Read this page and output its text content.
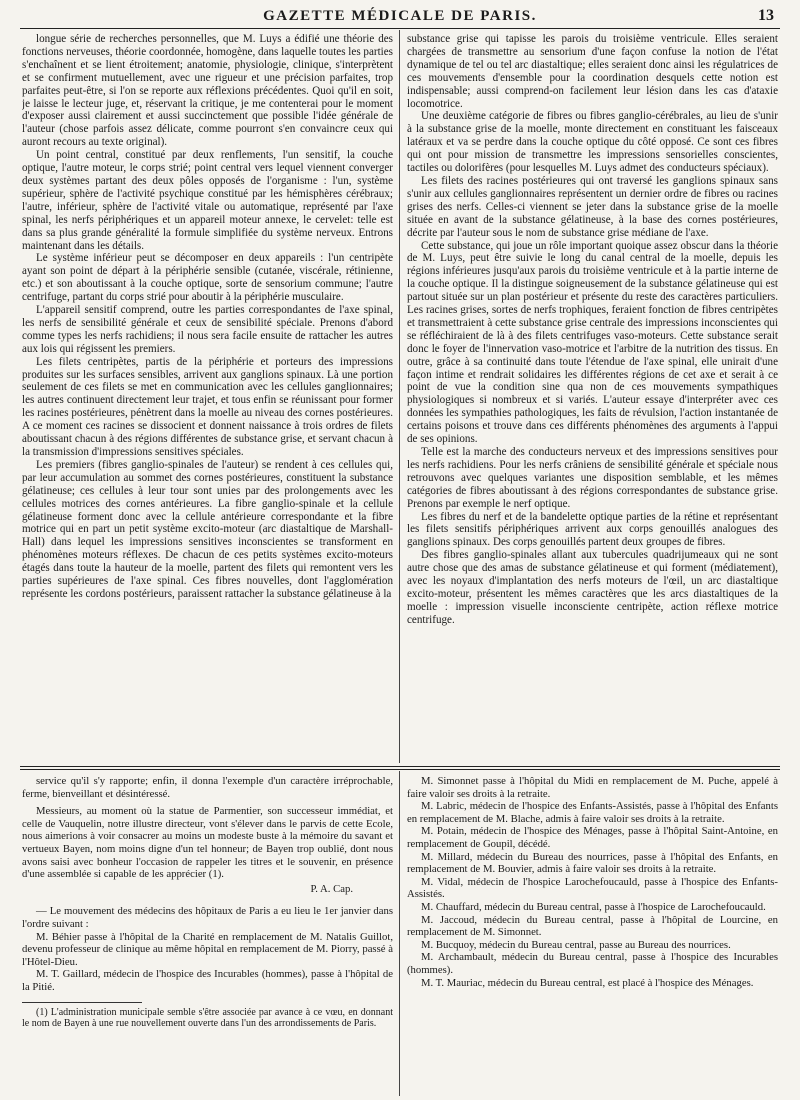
GAZETTE MÉDICALE DE PARIS.	13

longue série de recherches personnelles, que M. Luys a édifié une théorie des fonctions nerveuses, théorie coordonnée, homogène, dans laquelle toutes les parties s'enchaînent et se lient étroitement; anatomie, physiologie, clinique, s'interprètent et se confirment mutuellement, avec une rigueur et une précision parfaites, trop parfaites peut-être, si l'on se reporte aux réflexions précédentes. Quoi qu'il en soit, je laisse le lecteur juge, et, réservant la critique, je me contenterai pour le moment d'exposer aussi clairement et aussi succinctement que possible l'idée générale de l'auteur (chose parfois assez délicate, comme pourront s'en convaincre ceux qui auront recours au texte original).

Un point central, constitué par deux renflements, l'un sensitif, la couche optique, l'autre moteur, le corps strié; point central vers lequel viennent converger deux systèmes partant des deux pôles opposés de l'organisme : l'un, système supérieur, sphère de l'activité psychique constitué par les hémisphères cérébraux; l'autre, inférieur, sphère de l'activité vitale ou automatique, représenté par l'axe spinal, les nerfs périphériques et un appareil moteur annexe, le cervelet: telle est dans sa plus grande généralité la formule simplifiée du système nerveux. Entrons maintenant dans les détails.

Le système inférieur peut se décomposer en deux appareils : l'un centripète ayant son point de départ à la périphérie sensible (cutanée, viscérale, rétinienne, etc.) et son aboutissant à la couche optique, sorte de sensorium commune; l'autre centrifuge, partant du corps strié pour aboutir à la périphérie musculaire.

L'appareil sensitif comprend, outre les parties correspondantes de l'axe spinal, les nerfs de sensibilité générale et ceux de sensibilité spéciale. Prenons d'abord comme types les nerfs rachidiens; il nous sera facile ensuite de rattacher les autres aux lois qui régissent les premiers.

Les filets centripètes, partis de la périphérie et porteurs des impressions produites sur les surfaces sensibles, arrivent aux ganglions spinaux. Là une portion seulement de ces filets se met en communication avec les cellules ganglionnaires; les autres continuent directement leur trajet, et tous enfin se réunissant pour former les racines postérieures, pénètrent dans la moelle au niveau des cornes postérieures. A ce moment ces racines se dissocient et donnent naissance à trois ordres de filets aboutissant chacun à des régions différentes de substance grise, et servant chacun à la transmission d'impressions sensitives spéciales.

Les premiers (fibres ganglio-spinales de l'auteur) se rendent à ces cellules qui, par leur accumulation au sommet des cornes postérieures, constituent la substance gélatineuse; ces cellules à leur tour sont unies par des prolongements avec les cellules motrices des cornes antérieures. La fibre ganglio-spinale et la cellule gélatineuse forment donc avec la cellule antérieure correspondante et la fibre motrice qui en part un petit système excito-moteur (arc diastaltique de Marshall-Hall) dans lequel les impressions sensitives inconscientes se transforment en phénomènes moteurs réflexes. De chacun de ces petits systèmes excito-moteurs étagés dans toute la hauteur de la moelle, partent des filets qui remontent vers les parties supérieures de l'axe spinal. Ces fibres nouvelles, dont l'agglomération représente les cordons postérieurs, paraissent rattacher la substance gélatineuse à la

substance grise qui tapisse les parois du troisième ventricule. Elles seraient chargées de transmettre au sensorium d'une façon confuse la notion de l'état dynamique de tel ou tel arc diastaltique; elles seraient donc ainsi les régulatrices de ces mouvements d'ensemble pour la coordination desquels cette notion est indispensable; aussi comprend-on facilement leur lésion dans les cas d'ataxie locomotrice.

Une deuxième catégorie de fibres ou fibres ganglio-cérébrales, au lieu de s'unir à la substance grise de la moelle, monte directement en constituant les faisceaux latéraux et va se perdre dans la couche optique du côté opposé. Ce sont ces fibres qui ont pour mission de transmettre les impressions sensorielles conscientes, tactiles ou dolorifères (pour lesquelles M. Luys admet des conducteurs spéciaux).

Les filets des racines postérieures qui ont traversé les ganglions spinaux sans s'unir aux cellules ganglionnaires représentent un dernier ordre de fibres ou racines grises des nerfs. Celles-ci viennent se jeter dans la substance grise de la moelle située en avant de la substance gélatineuse, à la base des cornes postérieures, décrite par l'auteur sous le nom de substance grise médiane de l'axe.

Cette substance, qui joue un rôle important quoique assez obscur dans la théorie de M. Luys, peut être suivie le long du canal central de la moelle, depuis les régions inférieures jusqu'aux parois du troisième ventricule et à la partie interne de la couche optique. Il la distingue soigneusement de la substance gélatineuse qui est partout située sur un plan postérieur et présente du reste des caractères particuliers. Les racines grises, sortes de nerfs trophiques, feraient fonction de fibres centripètes et transmettraient à cette substance grise centrale des impressions inconscientes qui se réfléchiraient de là à des filets centrifuges vaso-moteurs. Cette substance serait donc le foyer de l'innervation vaso-motrice et l'arbitre de la nutrition des tissus. En outre, grâce à sa continuité dans toute l'étendue de l'axe spinal, elle unirait d'une façon intime et rendrait solidaires les différentes régions de cet axe et serait à ce point de vue la condition sine qua non de ces mouvements sympathiques physiologiques si nombreux et si variés. L'auteur essaye d'interpréter avec ces données les sympathies pathologiques, les faits de révulsion, l'action instantanée de certains poisons et trouve dans ces différents phénomènes des arguments à l'appui de ses opinions.

Telle est la marche des conducteurs nerveux et des impressions sensitives pour les nerfs rachidiens. Pour les nerfs crâniens de sensibilité générale et spéciale nous retrouvons avec quelques variantes une disposition semblable, et les mêmes catégories de fibres aboutissant à des régions correspondantes de substance grise. Prenons par exemple le nerf optique.

Les fibres du nerf et de la bandelette optique parties de la rétine et représentant les filets sensitifs périphériques arrivent aux corps genouillés analogues des ganglions spinaux. Des corps genouillés partent deux groupes de fibres.

Des fibres ganglio-spinales allant aux tubercules quadrijumeaux qui ne sont autre chose que des amas de substance gélatineuse et qui forment (médiatement), avec les noyaux d'implantation des nerfs moteurs de l'œil, un arc diastaltique excito-moteur, présentent les mêmes caractères que les arcs diastaltiques de la moelle : impression visuelle inconsciente centripète, action réflexe motrice centrifuge.

service qu'il s'y rapporte; enfin, il donna l'exemple d'un caractère irréprochable, ferme, bienveillant et désintéressé.

Messieurs, au moment où la statue de Parmentier, son successeur immédiat, et celle de Vauquelin, notre illustre directeur, vont s'élever dans le parvis de cette Ecole, nous aimerions à voir consacrer au moins un modeste buste à la mémoire du savant et vertueux Bayen, nom moins digne d'un tel honneur; de Bayen trop oublié, dont nous avons saisi avec bonheur l'occasion de rappeler les titres et le souvenir, en présence d'une assemblée si capable de les apprécier (1).

P. A. Cap.

— Le mouvement des médecins des hôpitaux de Paris a eu lieu le 1er janvier dans l'ordre suivant :

M. Béhier passe à l'hôpital de la Charité en remplacement de M. Natalis Guillot, devenu professeur de clinique au même hôpital en remplacement de M. Piorry, passé à l'Hôtel-Dieu.

M. T. Gaillard, médecin de l'hospice des Incurables (hommes), passe à l'hôpital de la Pitié.

(1) L'administration municipale semble s'être associée par avance à ce vœu, en donnant le nom de Bayen à une rue nouvellement ouverte dans l'un des arrondissements de Paris.

M. Simonnet passe à l'hôpital du Midi en remplacement de M. Puche, appelé à faire valoir ses droits à la retraite.

M. Labric, médecin de l'hospice des Enfants-Assistés, passe à l'hôpital des Enfants en remplacement de M. Blache, admis à faire valoir ses droits à la retraite.

M. Potain, médecin de l'hospice des Ménages, passe à l'hôpital Saint-Antoine, en remplacement de Goupil, décédé.

M. Millard, médecin du Bureau des nourrices, passe à l'hôpital des Enfants, en remplacement de M. Bouvier, admis à faire valoir ses droits à la retraite.

M. Vidal, médecin de l'hospice Larochefoucauld, passe à l'hospice des Enfants-Assistés.

M. Chauffard, médecin du Bureau central, passe à l'hospice de Larochefoucauld.

M. Jaccoud, médecin du Bureau central, passe à l'hôpital de Lourcine, en remplacement de M. Simonnet.

M. Bucquoy, médecin du Bureau central, passe au Bureau des nourrices.

M. Archambault, médecin du Bureau central, passe à l'hospice des Incurables (hommes).

M. T. Mauriac, médecin du Bureau central, est placé à l'hospice des Ménages.
